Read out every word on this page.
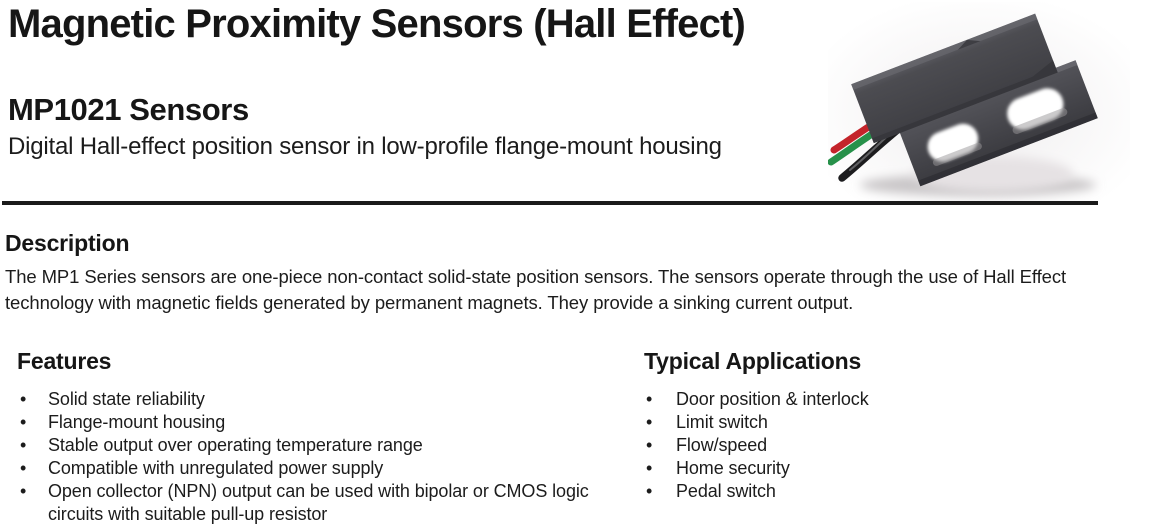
Magnetic Proximity Sensors (Hall Effect)
MP1021 Sensors
Digital Hall-effect position sensor in low-profile flange-mount housing
Description
The MP1 Series sensors are one-piece non-contact solid-state position sensors. The sensors operate through the use of Hall Effect
technology with magnetic fields generated by permanent magnets. They provide a sinking current output.
Features
•	Solid state reliability
•	Flange-mount housing
•	Stable output over operating temperature range
•	Compatible with unregulated power supply
•	Open collector (NPN) output can be used with bipolar or CMOS logic circuits with suitable pull-up resistor
Typical Applications
•	Door position & interlock
•	Limit switch
•	Flow/speed
•	Home security
•	Pedal switch
